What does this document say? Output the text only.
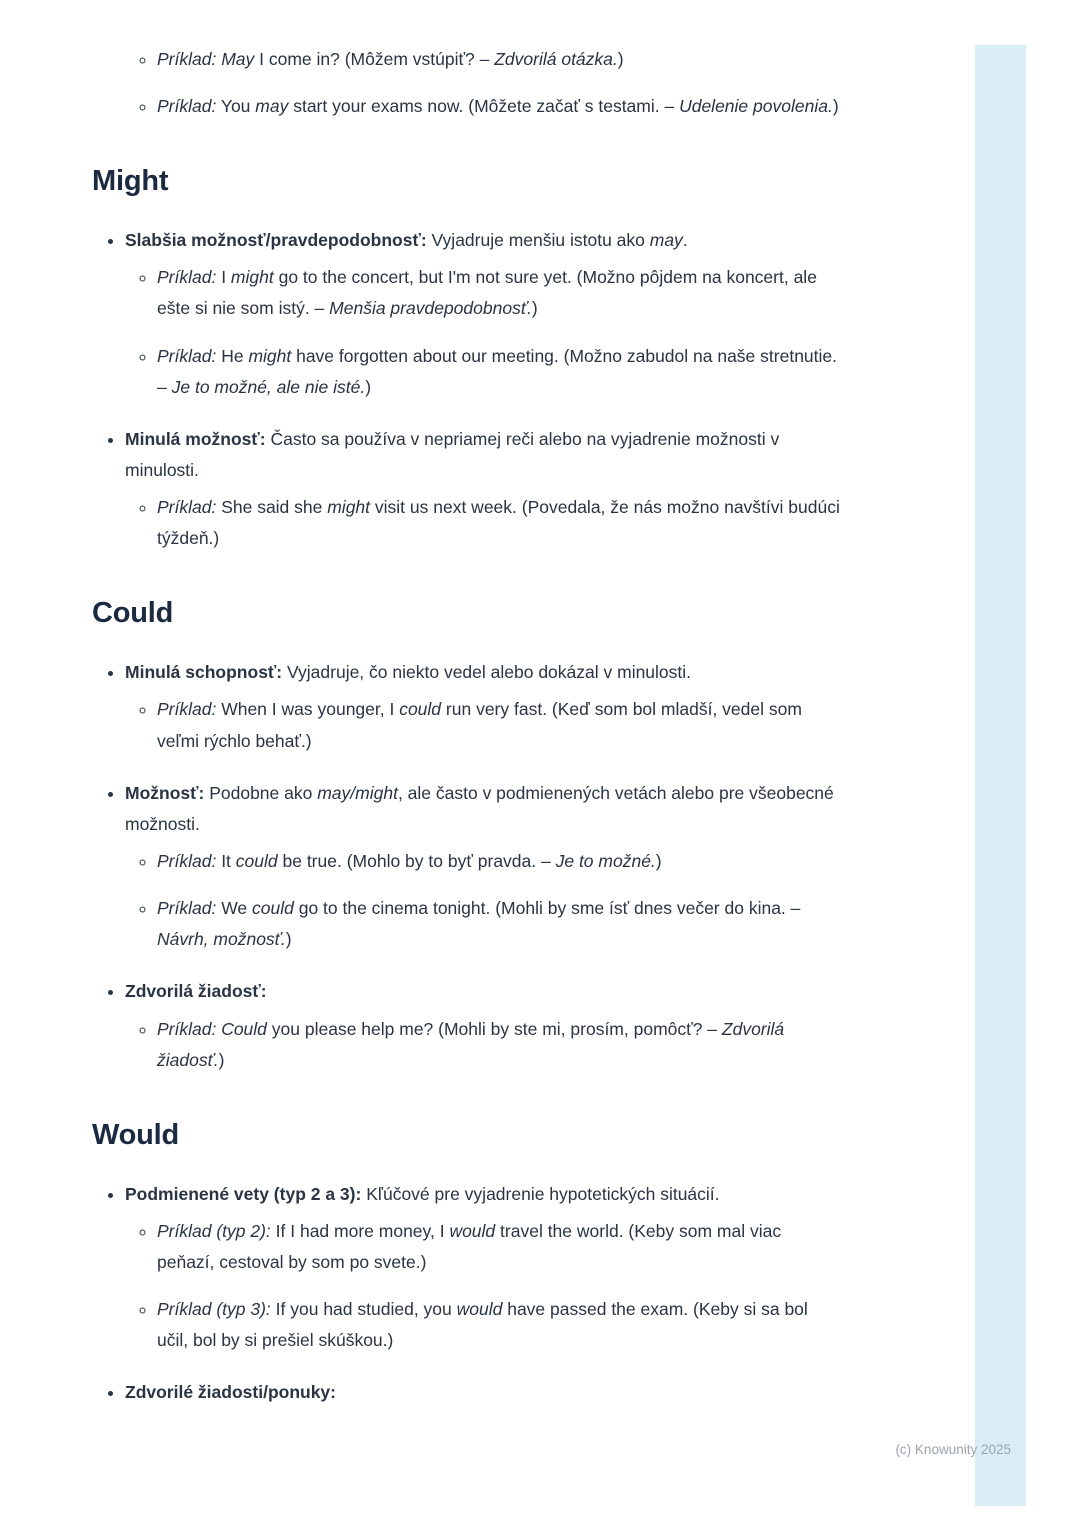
◦ Príklad: May I come in? (Môžem vstúpiť? – Zdvorilá otázka.)
◦ Príklad: You may start your exams now. (Môžete začať s testami. – Udelenie povolenia.)
Might

• Slabšia možnosť/pravdepodobnosť: Vyjadruje menšiu istotu ako may.

◦ Príklad: I might go to the concert, but I'm not sure yet. (Možno pôjdem na koncert, ale ešte si nie som istý. – Menšia pravdepodobnosť.)
◦ Príklad: He might have forgotten about our meeting. (Možno zabudol na naše stretnutie. – Je to možné, ale nie isté.)

• Minulá možnosť: Často sa používa v nepriamej reči alebo na vyjadrenie možnosti v minulosti.

◦ Príklad: She said she might visit us next week. (Povedala, že nás možno navštívi budúci týždeň.)
Could

• Minulá schopnosť: Vyjadruje, čo niekto vedel alebo dokázal v minulosti.

◦ Príklad: When I was younger, I could run very fast. (Keď som bol mladší, vedel som veľmi rýchlo behať.)

• Možnosť: Podobne ako may/might, ale často v podmienených vetách alebo pre všeobecné možnosti.

◦ Príklad: It could be true. (Mohlo by to byť pravda. – Je to možné.)
◦ Príklad: We could go to the cinema tonight. (Mohli by sme ísť dnes večer do kina. – Návrh, možnosť.)

• Zdvorilá žiadosť:

◦ Príklad: Could you please help me? (Mohli by ste mi, prosím, pomôcť? – Zdvorilá žiadosť.)
Would

• Podmienené vety (typ 2 a 3): Kľúčové pre vyjadrenie hypotetických situácií.

◦ Príklad (typ 2): If I had more money, I would travel the world. (Keby som mal viac peňazí, cestoval by som po svete.)
◦ Príklad (typ 3): If you had studied, you would have passed the exam. (Keby si sa bol učil, bol by si prešiel skúškou.)

• Zdvorilé žiadosti/ponuky:

(c) Knowunity 2025
